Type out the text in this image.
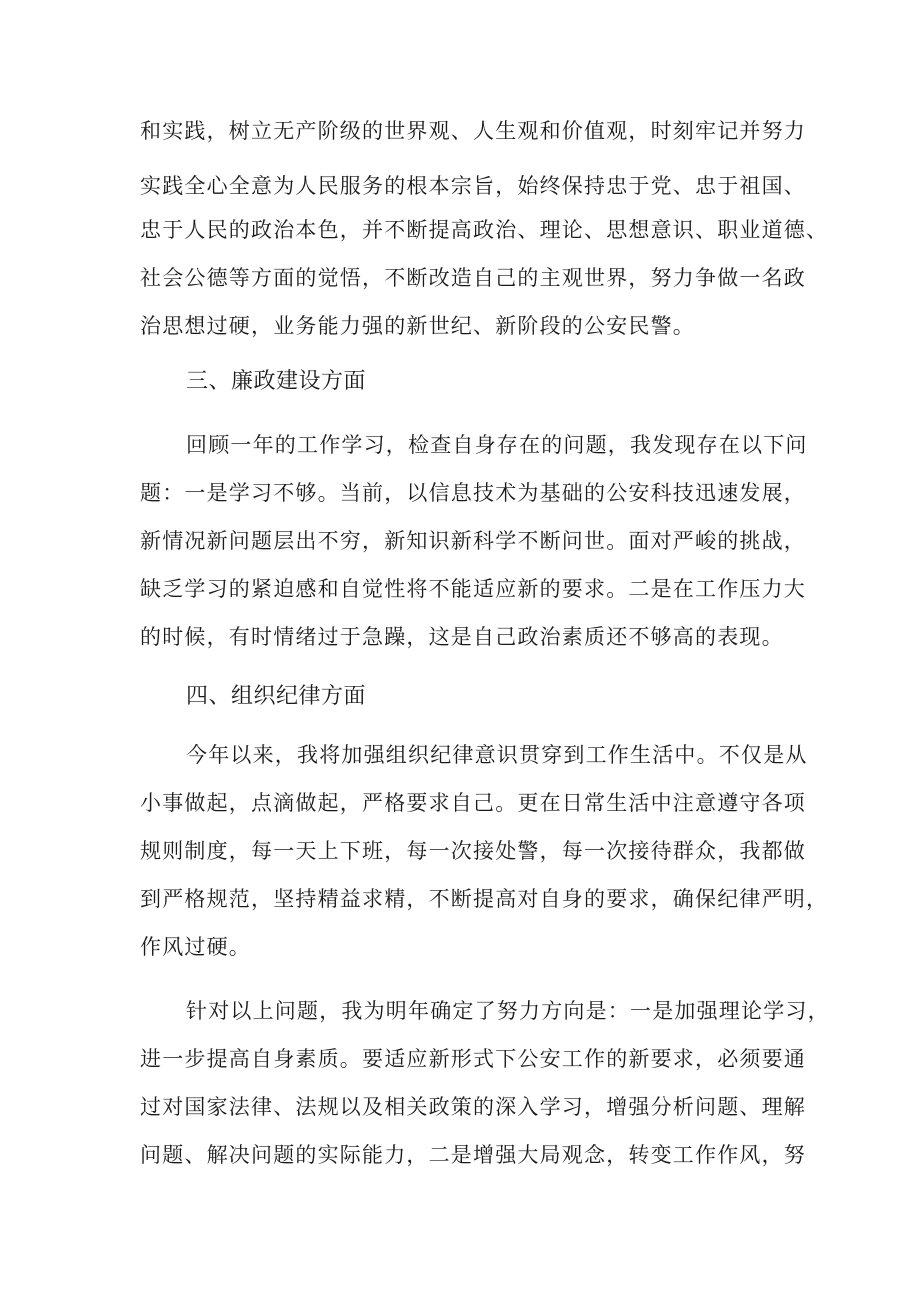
和实践，树立无产阶级的世界观、人生观和价值观，时刻牢记并努力
实践全心全意为人民服务的根本宗旨，始终保持忠于党、忠于祖国、
忠于人民的政治本色，并不断提高政治、理论、思想意识、职业道德、
社会公德等方面的觉悟，不断改造自己的主观世界，努力争做一名政
治思想过硬，业务能力强的新世纪、新阶段的公安民警。
三、廉政建设方面
回顾一年的工作学习，检查自身存在的问题，我发现存在以下问
题：一是学习不够。当前，以信息技术为基础的公安科技迅速发展，
新情况新问题层出不穷，新知识新科学不断问世。面对严峻的挑战，
缺乏学习的紧迫感和自觉性将不能适应新的要求。二是在工作压力大
的时候，有时情绪过于急躁，这是自己政治素质还不够高的表现。
四、组织纪律方面
今年以来，我将加强组织纪律意识贯穿到工作生活中。不仅是从
小事做起，点滴做起，严格要求自己。更在日常生活中注意遵守各项
规则制度，每一天上下班，每一次接处警，每一次接待群众，我都做
到严格规范，坚持精益求精，不断提高对自身的要求，确保纪律严明，
作风过硬。
针对以上问题，我为明年确定了努力方向是：一是加强理论学习，
进一步提高自身素质。要适应新形式下公安工作的新要求，必须要通
过对国家法律、法规以及相关政策的深入学习，增强分析问题、理解
问题、解决问题的实际能力，二是增强大局观念，转变工作作风，努
